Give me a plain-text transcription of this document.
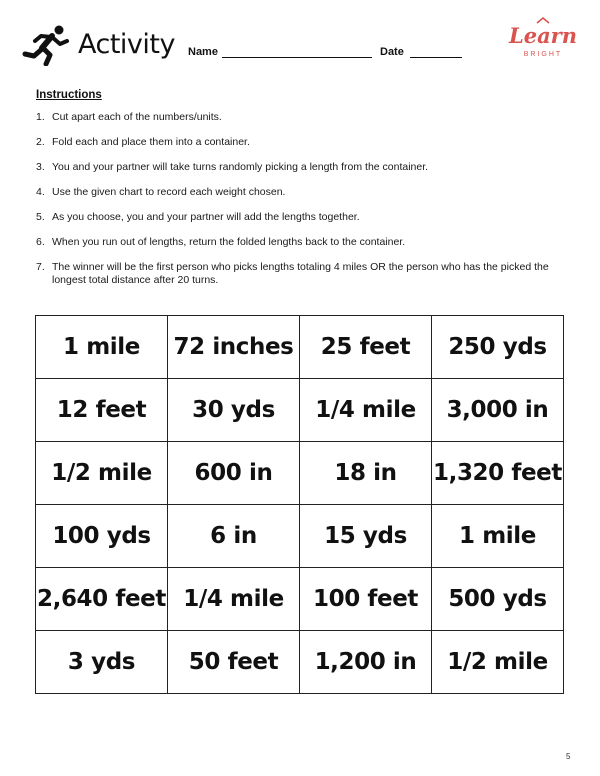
Activity Name	Date
Learn
BRIGHT
Instructions
1. Cut apart each of the numbers/units.
2. Fold each and place them into a container.
3. You and your partner will take turns randomly picking a length from the container.
4. Use the given chart to record each weight chosen.
5. As you choose, you and your partner will add the lengths together.
6. When you run out of lengths, return the folded lengths back to the container.
7. The winner will be the first person who picks lengths totaling 4 miles OR the person who has the picked the longest total distance after 20 turns.
1 mile	72 inches	25 feet	250 yds
12 feet	30 yds	1/4 mile	3,000 in
1/2 mile	600 in	18 in	1,320 feet
100 yds	6 in	15 yds	1 mile
2,640 feet	1/4 mile	100 feet	500 yds
3 yds	50 feet	1,200 in	1/2 mile
5
